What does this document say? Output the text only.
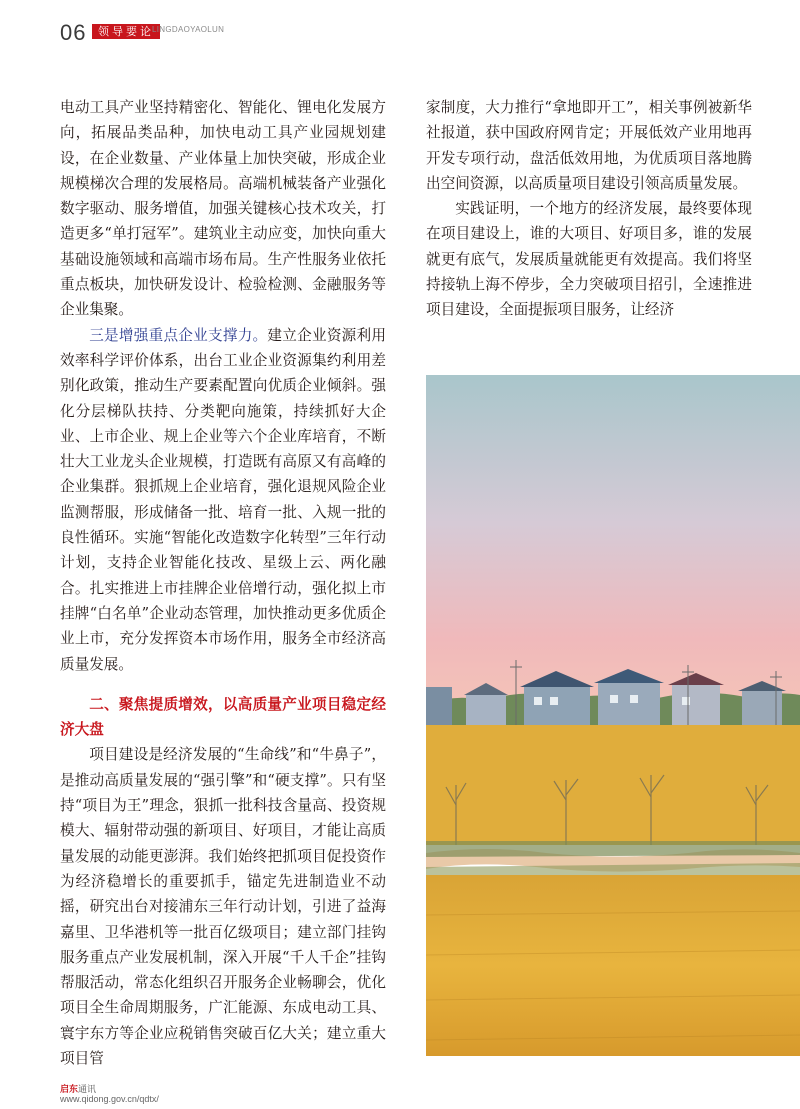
06	领导要论
LINGDAOYAOLUN

电动工具产业坚持精密化、智能化、锂电化发展方向，拓展品类品种，加快电动工具产业园规划建设，在企业数量、产业体量上加快突破，形成企业规模梯次合理的发展格局。高端机械装备产业强化数字驱动、服务增值，加强关键核心技术攻关，打造更多“单打冠军”。建筑业主动应变，加快向重大基础设施领域和高端市场布局。生产性服务业依托重点板块，加快研发设计、检验检测、金融服务等企业集聚。

三是增强重点企业支撑力。建立企业资源利用效率科学评价体系，出台工业企业资源集约利用差别化政策，推动生产要素配置向优质企业倾斜。强化分层梯队扶持、分类靶向施策，持续抓好大企业、上市企业、规上企业等六个企业库培育，不断壮大工业龙头企业规模，打造既有高原又有高峰的企业集群。狠抓规上企业培育，强化退规风险企业监测帮服，形成储备一批、培育一批、入规一批的良性循环。实施“智能化改造数字化转型”三年行动计划，支持企业智能化技改、星级上云、两化融合。扎实推进上市挂牌企业倍增行动，强化拟上市挂牌“白名单”企业动态管理，加快推动更多优质企业上市，充分发挥资本市场作用，服务全市经济高质量发展。

二、聚焦提质增效，以高质量产业项目稳定经济大盘

项目建设是经济发展的“生命线”和“牛鼻子”，是推动高质量发展的“强引擎”和“硬支撑”。只有坚持“项目为王”理念，狠抓一批科技含量高、投资规模大、辐射带动强的新项目、好项目，才能让高质量发展的动能更澎湃。我们始终把抓项目促投资作为经济稳增长的重要抓手，锚定先进制造业不动摇，研究出台对接浦东三年行动计划，引进了益海嘉里、卫华港机等一批百亿级项目；建立部门挂钩服务重点产业发展机制，深入开展“千人千企”挂钩帮服活动，常态化组织召开服务企业畅聊会，优化项目全生命周期服务，广汇能源、东成电动工具、寰宇东方等企业应税销售突破百亿大关；建立重大项目管

家制度，大力推行“拿地即开工”，相关事例被新华社报道，获中国政府网肯定；开展低效产业用地再开发专项行动，盘活低效用地，为优质项目落地腾出空间资源，以高质量项目建设引领高质量发展。

实践证明，一个地方的经济发展，最终要体现在项目建设上，谁的大项目、好项目多，谁的发展就更有底气，发展质量就能更有效提高。我们将坚持接轨上海不停步，全力突破项目招引，全速推进项目建设，全面提振项目服务，让经济

启东通讯
www.qidong.gov.cn/qdtx/
